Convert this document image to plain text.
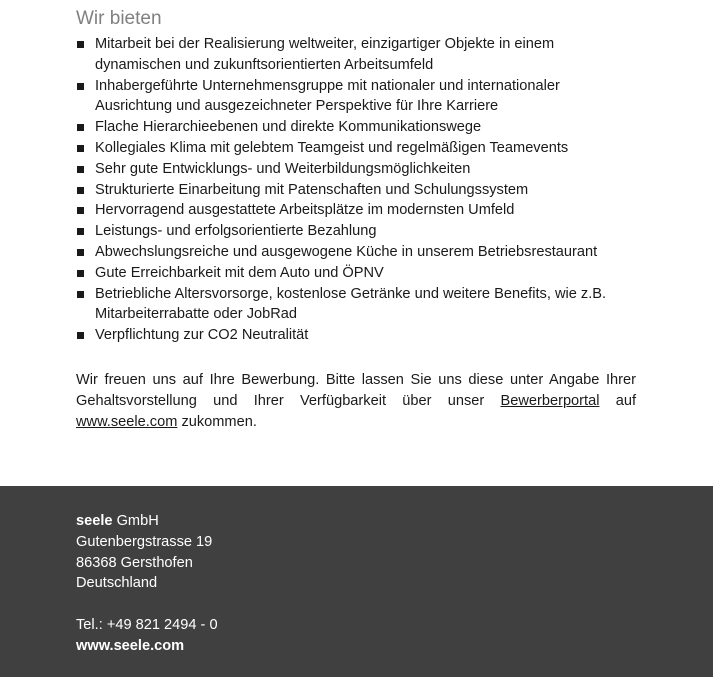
Wir bieten
Mitarbeit bei der Realisierung weltweiter, einzigartiger Objekte in einem dynamischen und zukunftsorientierten Arbeitsumfeld
Inhabergeführte Unternehmensgruppe mit nationaler und internationaler Ausrichtung und ausgezeichneter Perspektive für Ihre Karriere
Flache Hierarchieebenen und direkte Kommunikationswege
Kollegiales Klima mit gelebtem Teamgeist und regelmäßigen Teamevents
Sehr gute Entwicklungs- und Weiterbildungsmöglichkeiten
Strukturierte Einarbeitung mit Patenschaften und Schulungssystem
Hervorragend ausgestattete Arbeitsplätze im modernsten Umfeld
Leistungs- und erfolgsorientierte Bezahlung
Abwechslungsreiche und ausgewogene Küche in unserem Betriebsrestaurant
Gute Erreichbarkeit mit dem Auto und ÖPNV
Betriebliche Altersvorsorge, kostenlose Getränke und weitere Benefits, wie z.B. Mitarbeiterrabatte oder JobRad
Verpflichtung zur CO2 Neutralität

Wir freuen uns auf Ihre Bewerbung. Bitte lassen Sie uns diese unter Angabe Ihrer Gehaltsvorstellung und Ihrer Verfügbarkeit über unser Bewerberportal auf www.seele.com zukommen.

seele GmbH
Gutenbergstrasse 19
86368 Gersthofen
Deutschland
Tel.: +49 821 2494 - 0
www.seele.com
